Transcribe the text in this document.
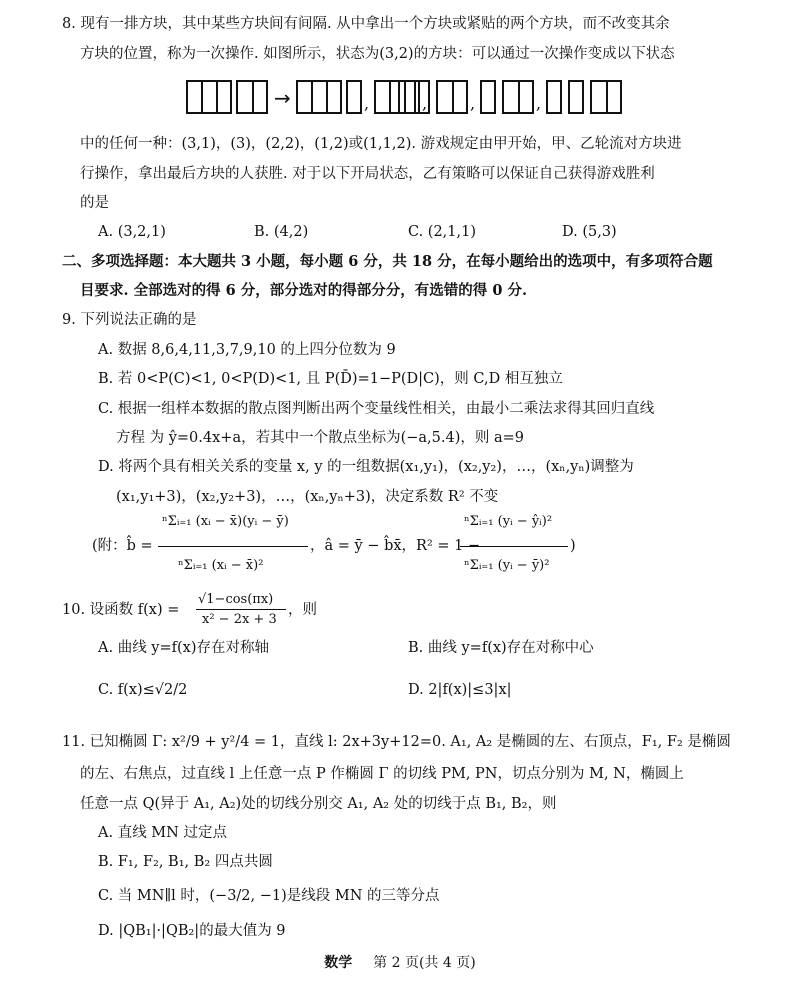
8. 现有一排方块，其中某些方块间有间隔. 从中拿出一个方块或紧贴的两个方块，而不改变其余
方块的位置，称为一次操作. 如图所示，状态为(3,2)的方块：可以通过一次操作变成以下状态
→	,	,	,	,
中的任何一种：(3,1)，(3)，(2,2)，(1,2)或(1,1,2). 游戏规定由甲开始，甲、乙轮流对方块进
行操作，拿出最后方块的人获胜. 对于以下开局状态，乙有策略可以保证自己获得游戏胜利
的是
A. (3,2,1)	B. (4,2)	C. (2,1,1)	D. (5,3)
二、多项选择题：本大题共 3 小题，每小题 6 分，共 18 分，在每小题给出的选项中，有多项符合题
目要求. 全部选对的得 6 分，部分选对的得部分分，有选错的得 0 分.
9. 下列说法正确的是
A. 数据 8,6,4,11,3,7,9,10 的上四分位数为 9
B. 若 0<P(C)<1, 0<P(D)<1, 且 P(D̄)=1−P(D|C)，则 C,D 相互独立
C. 根据一组样本数据的散点图判断出两个变量线性相关，由最小二乘法求得其回归直线
方程 为 ŷ=0.4x+a，若其中一个散点坐标为(−a,5.4)，则 a=9
D. 将两个具有相关关系的变量 x, y 的一组数据(x₁,y₁)，(x₂,y₂)，…，(xₙ,yₙ)调整为
(x₁,y₁+3)，(x₂,y₂+3)，…，(xₙ,yₙ+3)，决定系数 R² 不变
(附：b̂ =
ⁿΣᵢ₌₁ (xᵢ − x̄)(yᵢ − ȳ)
ⁿΣᵢ₌₁ (xᵢ − x̄)²
，â = ȳ − b̂x̄，R² = 1 −
ⁿΣᵢ₌₁ (yᵢ − ŷᵢ)²
ⁿΣᵢ₌₁ (yᵢ − ȳ)²
)
10. 设函数 f(x) =
√1−cos(πx)
x² − 2x + 3
，则
A. 曲线 y=f(x)存在对称轴	B. 曲线 y=f(x)存在对称中心
C. f(x)≤√2/2	D. 2|f(x)|≤3|x|
11. 已知椭圆 Γ: x²/9 + y²/4 = 1，直线 l: 2x+3y+12=0. A₁, A₂ 是椭圆的左、右顶点，F₁, F₂ 是椭圆
的左、右焦点，过直线 l 上任意一点 P 作椭圆 Γ 的切线 PM, PN，切点分别为 M, N，椭圆上
任意一点 Q(异于 A₁, A₂)处的切线分别交 A₁, A₂ 处的切线于点 B₁, B₂，则
A. 直线 MN 过定点
B. F₁, F₂, B₁, B₂ 四点共圆
C. 当 MN∥l 时，(−3/2, −1)是线段 MN 的三等分点
D. |QB₁|·|QB₂|的最大值为 9
数学 第 2 页(共 4 页)
